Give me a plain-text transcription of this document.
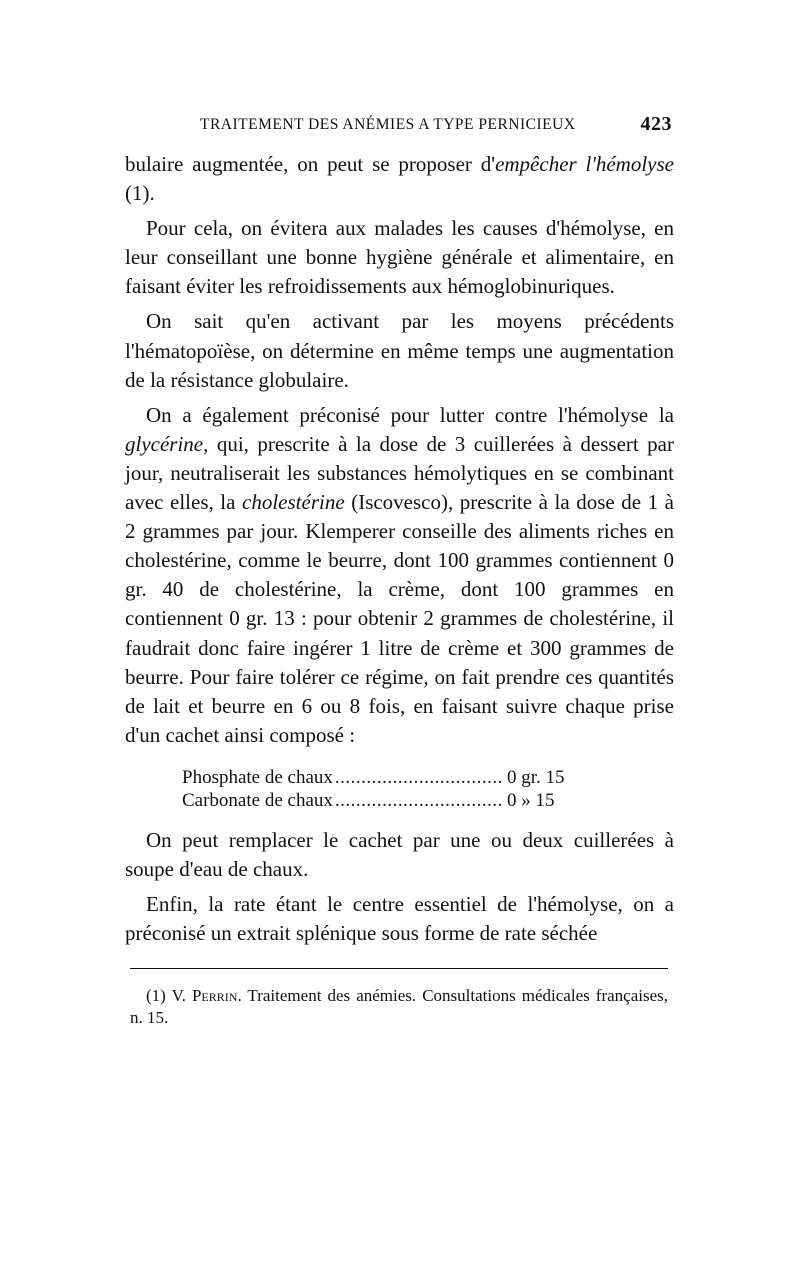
TRAITEMENT DES ANÉMIES A TYPE PERNICIEUX	423

bulaire augmentée, on peut se proposer d'empêcher l'hémolyse (1).

Pour cela, on évitera aux malades les causes d'hémolyse, en leur conseillant une bonne hygiène générale et alimentaire, en faisant éviter les refroidissements aux hémoglobinuriques.

On sait qu'en activant par les moyens précédents l'hématopoïèse, on détermine en même temps une augmentation de la résistance globulaire.

On a également préconisé pour lutter contre l'hémolyse la glycérine, qui, prescrite à la dose de 3 cuillerées à dessert par jour, neutraliserait les substances hémolytiques en se combinant avec elles, la cholestérine (Iscovesco), prescrite à la dose de 1 à 2 grammes par jour. Klemperer conseille des aliments riches en cholestérine, comme le beurre, dont 100 grammes contiennent 0 gr. 40 de cholestérine, la crème, dont 100 grammes en contiennent 0 gr. 13 : pour obtenir 2 grammes de cholestérine, il faudrait donc faire ingérer 1 litre de crème et 300 grammes de beurre. Pour faire tolérer ce régime, on fait prendre ces quantités de lait et beurre en 6 ou 8 fois, en faisant suivre chaque prise d'un cachet ainsi composé :

Phosphate de chaux .....	0 gr. 15
Carbonate de chaux .....	0 » 15

On peut remplacer le cachet par une ou deux cuillerées à soupe d'eau de chaux.

Enfin, la rate étant le centre essentiel de l'hémolyse, on a préconisé un extrait splénique sous forme de rate séchée

(1) V. Perrin. Traitement des anémies. Consultations médicales françaises, n. 15.
